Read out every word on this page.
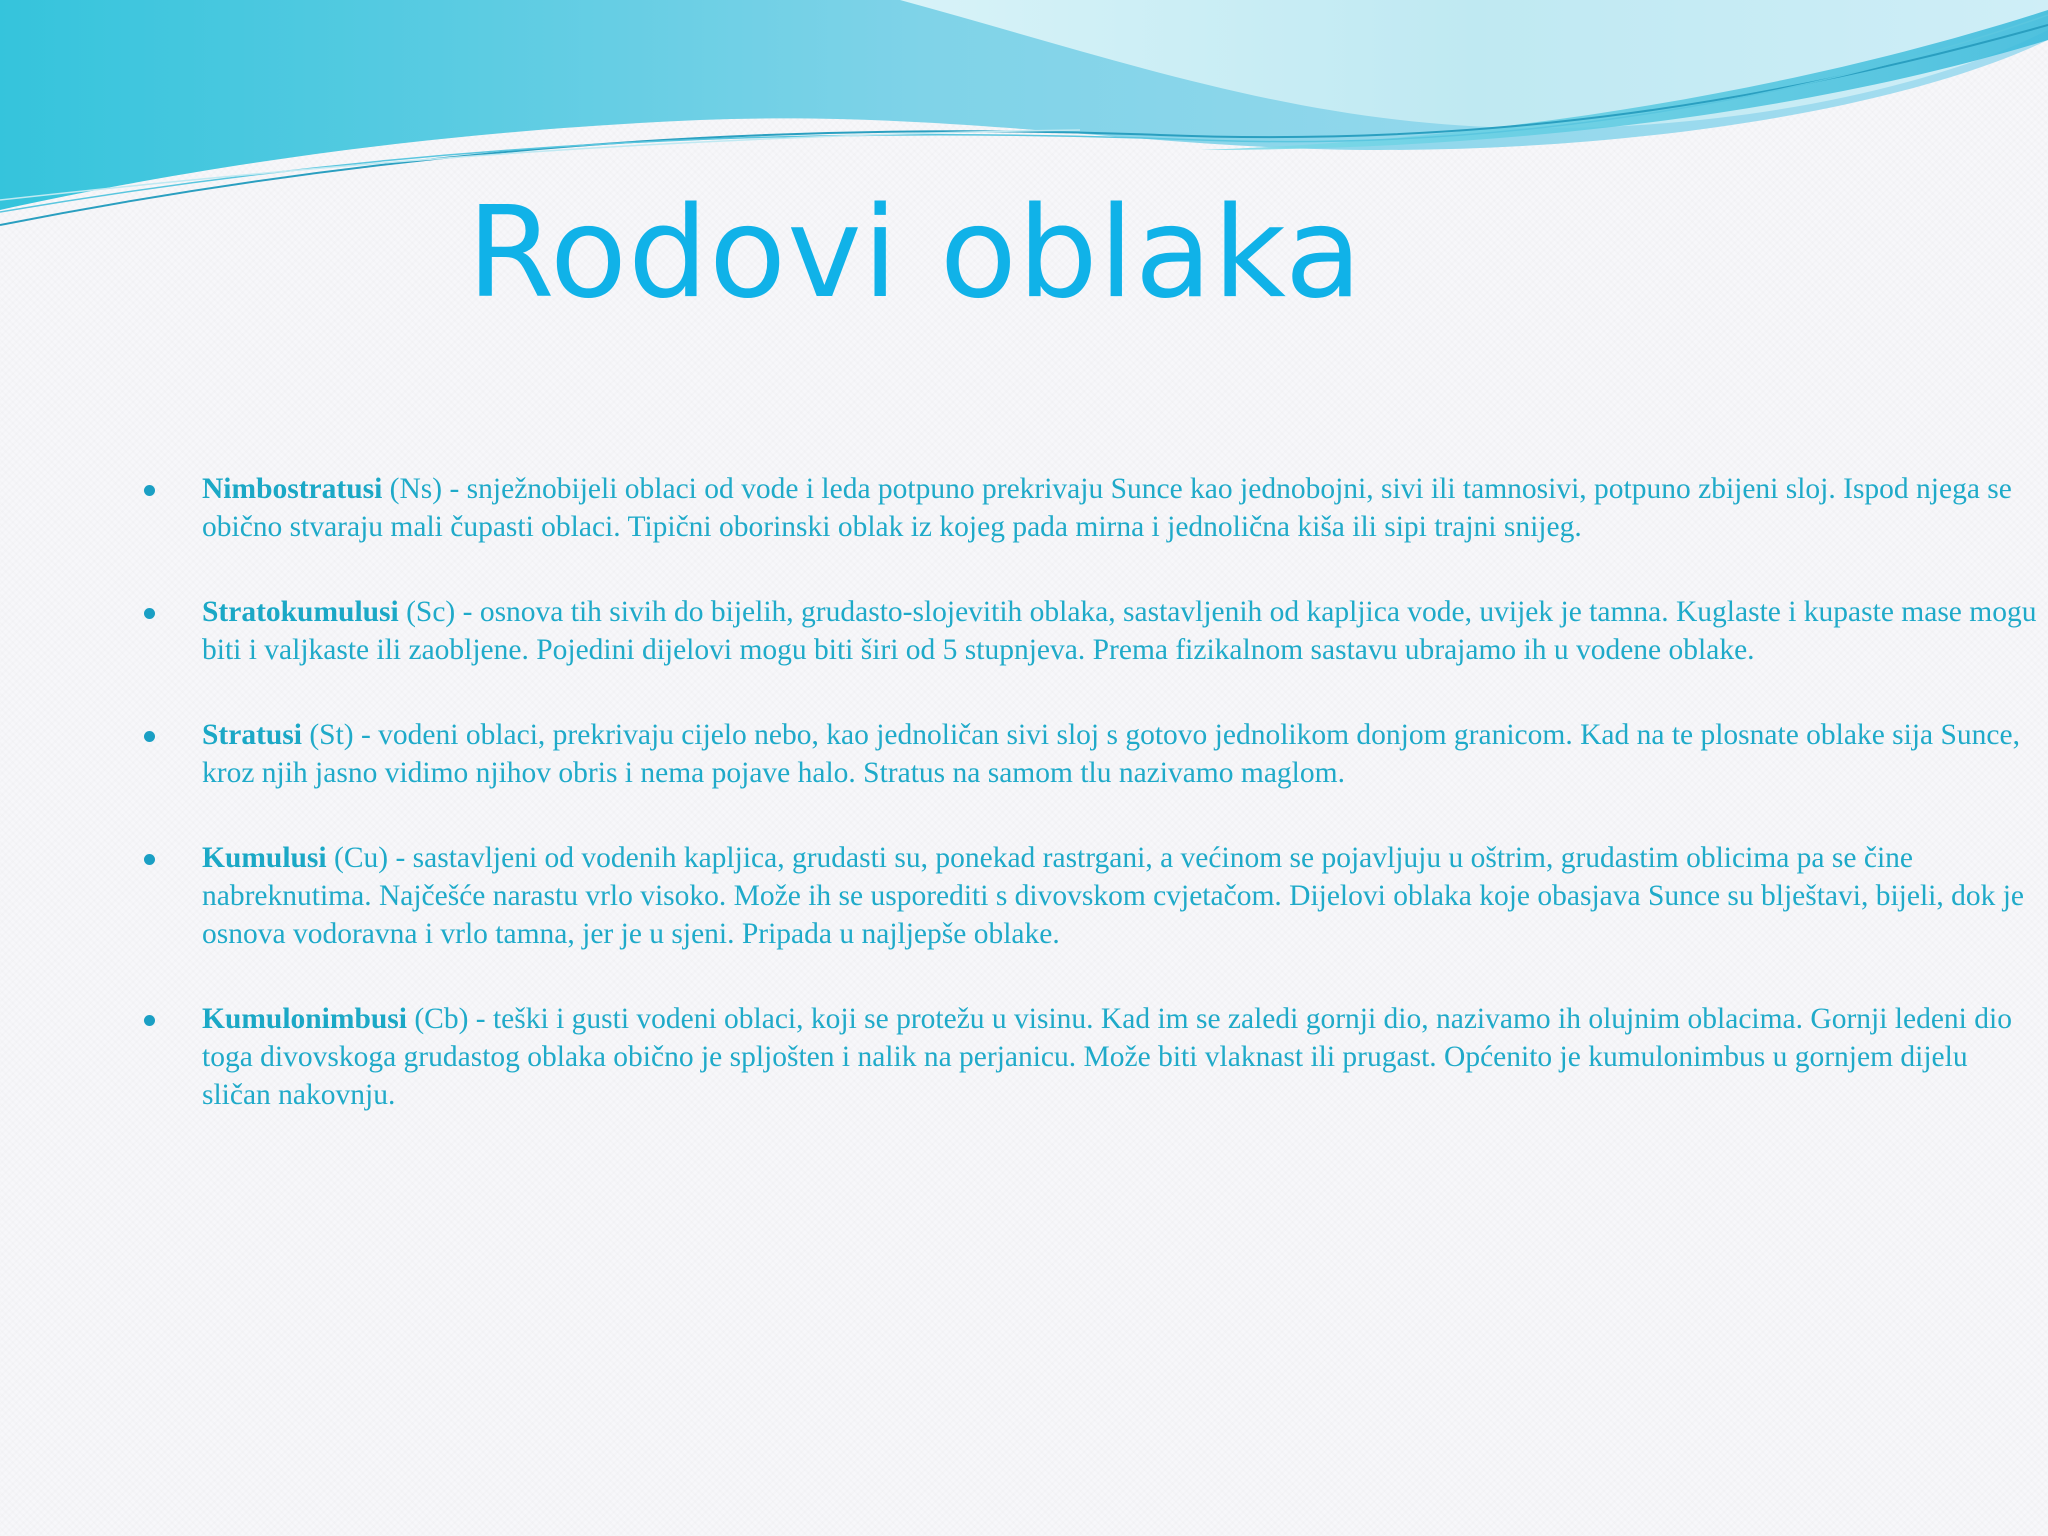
Rodovi oblaka
Nimbostratusi (Ns) - snježnobijeli oblaci od vode i leda potpuno prekrivaju Sunce kao jednobojni, sivi ili tamnosivi, potpuno zbijeni sloj. Ispod njega se obično stvaraju mali čupasti oblaci. Tipični oborinski oblak iz kojeg pada mirna i jednolična kiša ili sipi trajni snijeg.
Stratokumulusi (Sc) - osnova tih sivih do bijelih, grudasto-slojevitih oblaka, sastavljenih od kapljica vode, uvijek je tamna. Kuglaste i kupaste mase mogu biti i valjkaste ili zaobljene. Pojedini dijelovi mogu biti širi od 5 stupnjeva. Prema fizikalnom sastavu ubrajamo ih u vodene oblake.
Stratusi (St) - vodeni oblaci, prekrivaju cijelo nebo, kao jednoličan sivi sloj s gotovo jednolikom donjom granicom. Kad na te plosnate oblake sija Sunce, kroz njih jasno vidimo njihov obris i nema pojave halo. Stratus na samom tlu nazivamo maglom.
Kumulusi (Cu) - sastavljeni od vodenih kapljica, grudasti su, ponekad rastrgani, a većinom se pojavljuju u oštrim, grudastim oblicima pa se čine nabreknutima. Najčešće narastu vrlo visoko. Može ih se usporediti s divovskom cvjetačom. Dijelovi oblaka koje obasjava Sunce su blještavi, bijeli, dok je osnova vodoravna i vrlo tamna, jer je u sjeni. Pripada u najljepše oblake.
Kumulonimbusi (Cb) - teški i gusti vodeni oblaci, koji se protežu u visinu. Kad im se zaledi gornji dio, nazivamo ih olujnim oblacima. Gornji ledeni dio toga divovskoga grudastog oblaka obično je spljošten i nalik na perjanicu. Može biti vlaknast ili prugast. Općenito je kumulonimbus u gornjem dijelu sličan nakovnju.
